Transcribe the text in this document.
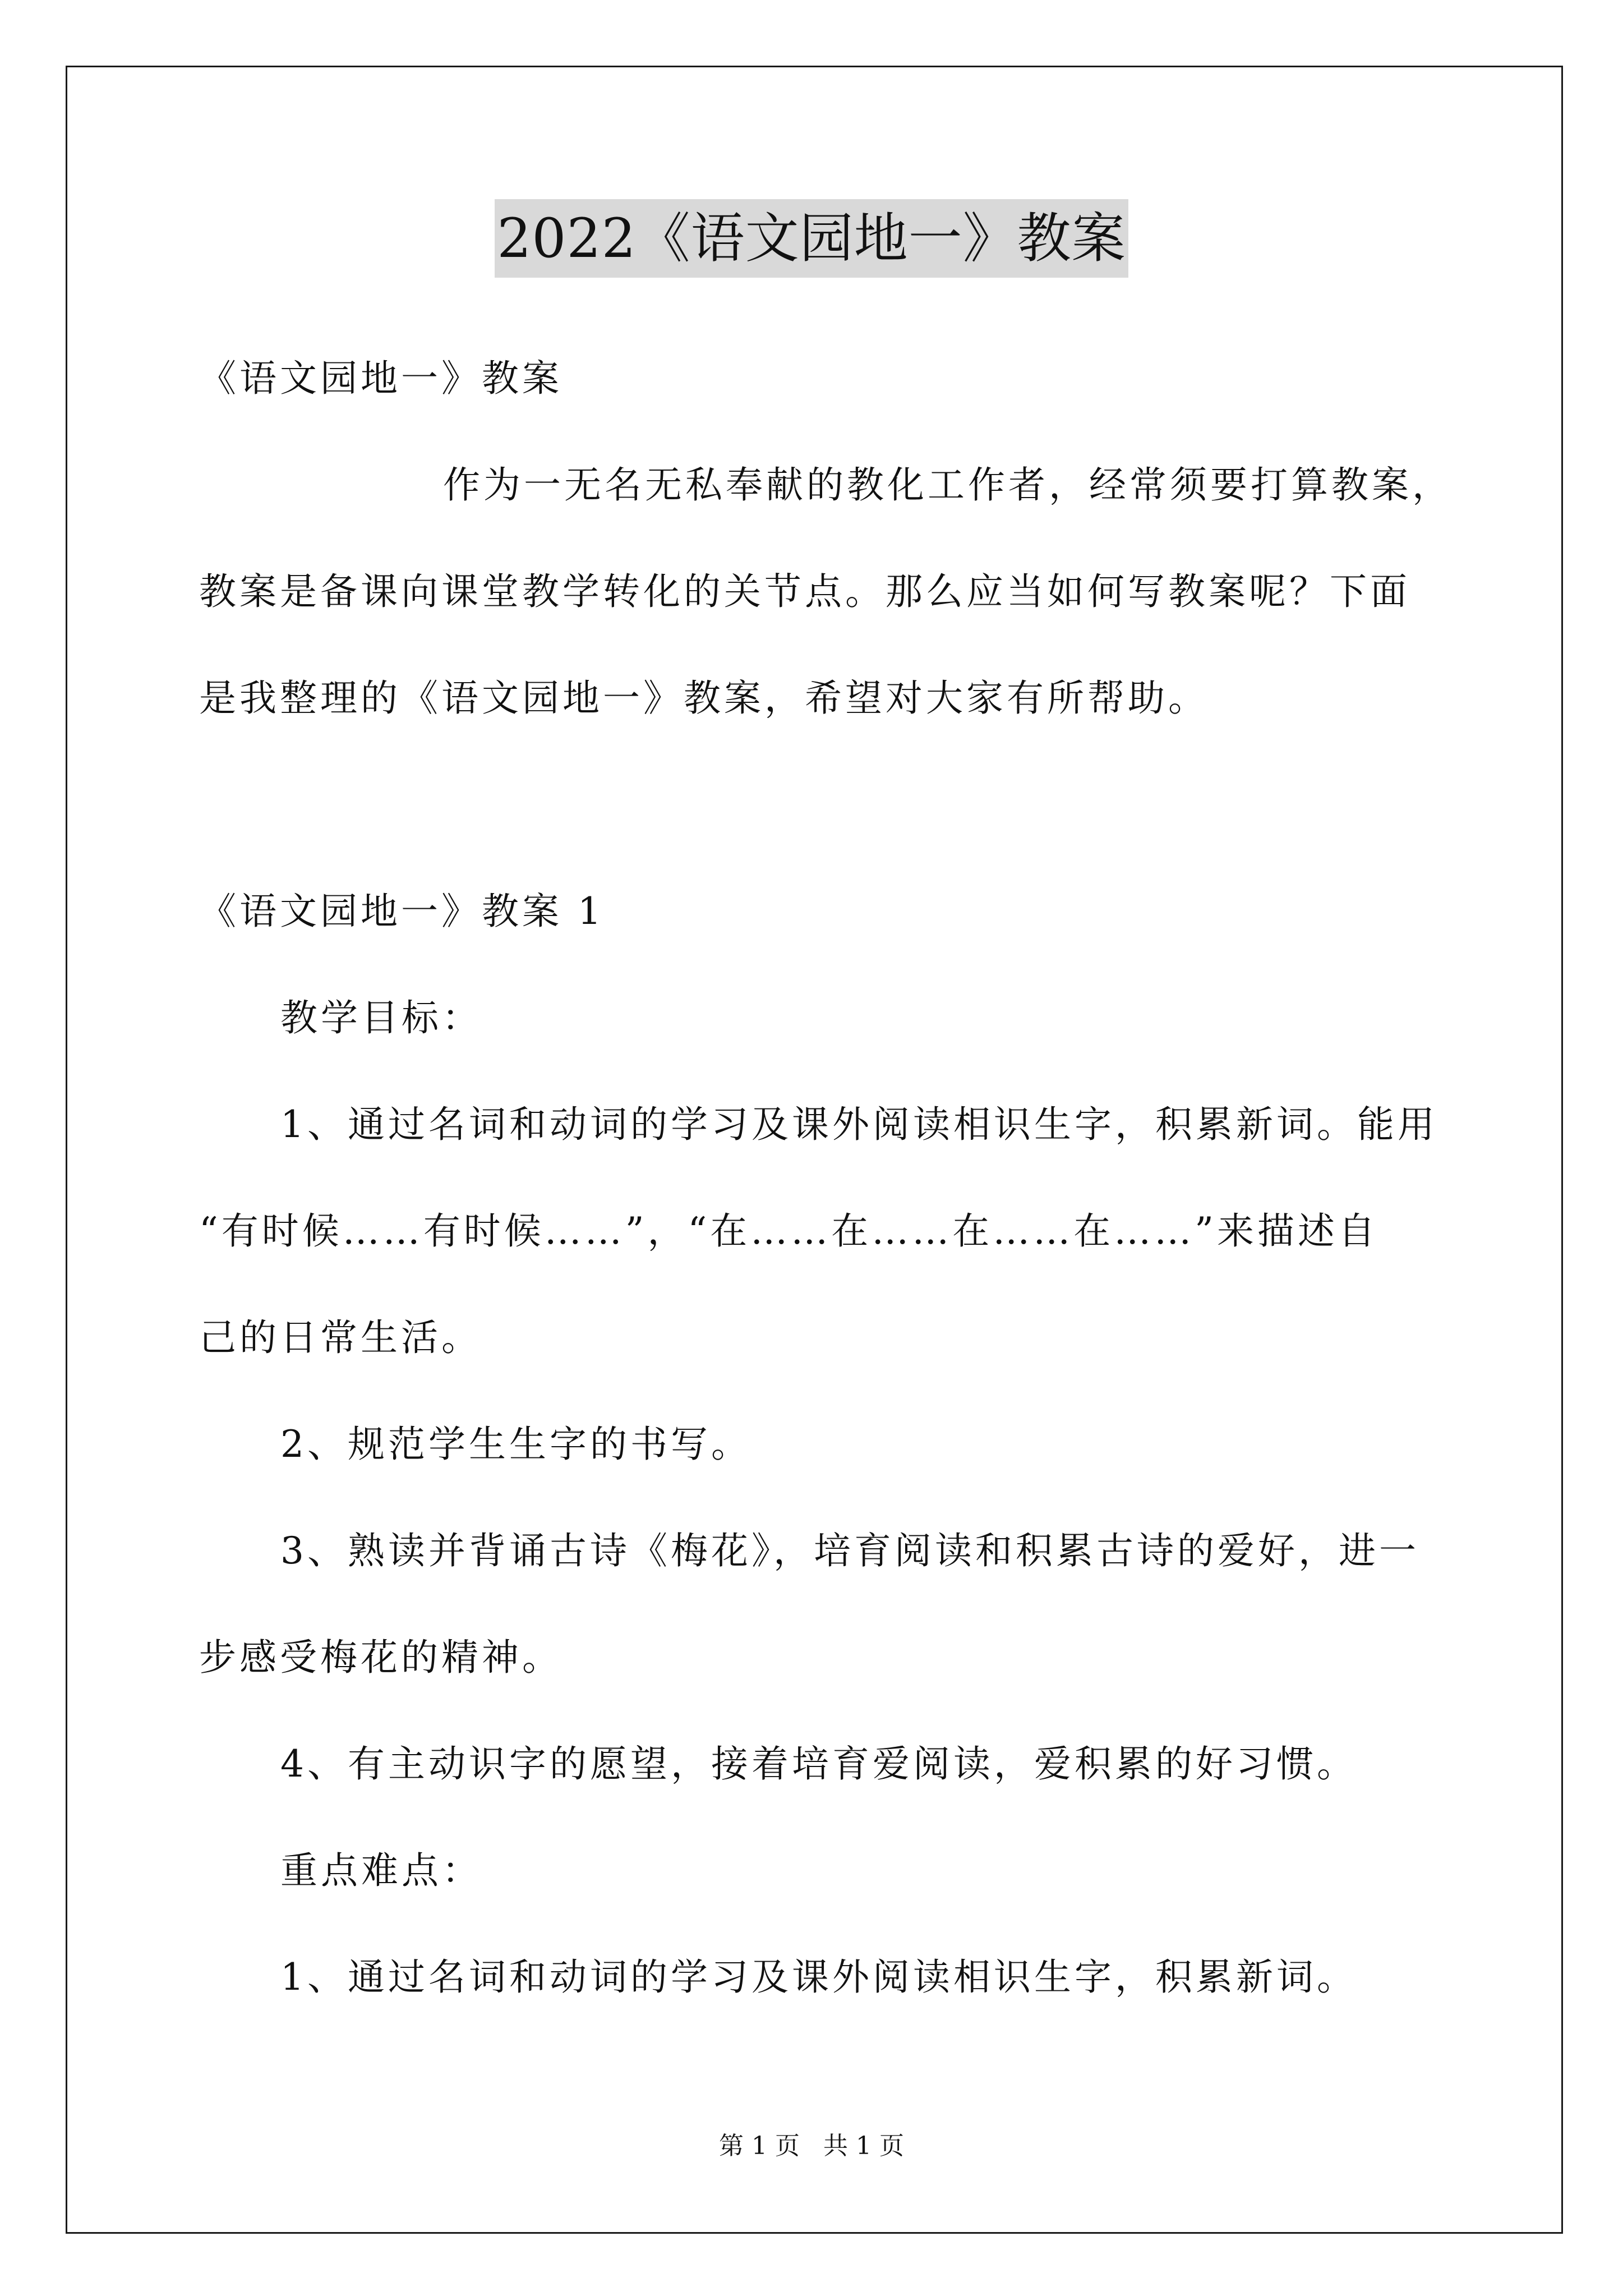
2022《语文园地一》教案
《语文园地一》教案
作为一无名无私奉献的教化工作者，经常须要打算教案，
教案是备课向课堂教学转化的关节点。那么应当如何写教案呢？下面
是我整理的《语文园地一》教案，希望对大家有所帮助。
《语文园地一》教案 1
教学目标：
1、通过名词和动词的学习及课外阅读相识生字，积累新词。能用
“有时候……有时候……”，“在……在……在……在……”来描述自
己的日常生活。
2、规范学生生字的书写。
3、熟读并背诵古诗《梅花》，培育阅读和积累古诗的爱好，进一
步感受梅花的精神。
4、有主动识字的愿望，接着培育爱阅读，爱积累的好习惯。
重点难点：
1、通过名词和动词的学习及课外阅读相识生字，积累新词。
第 1 页 共 1 页
